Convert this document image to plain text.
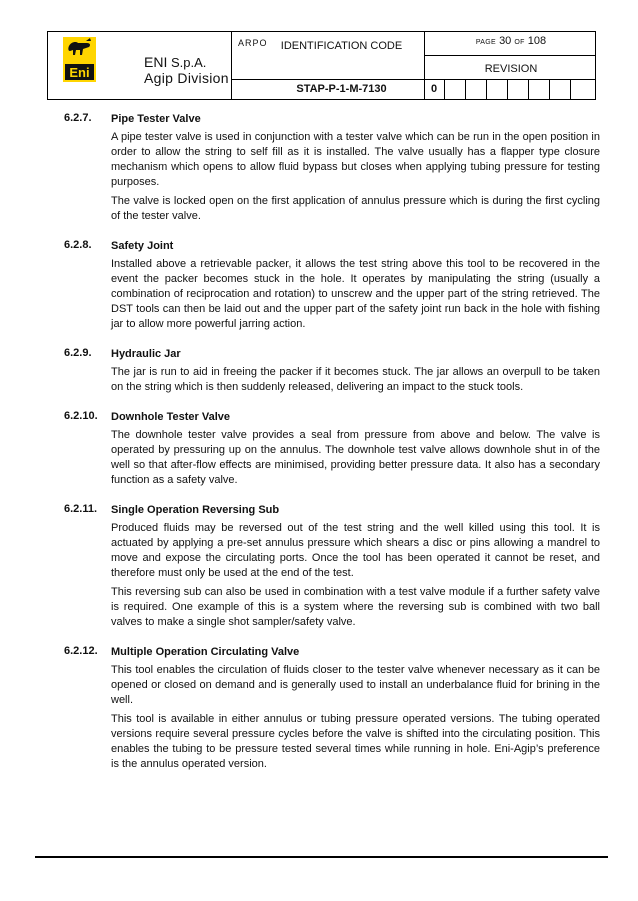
Eni
ARPO
ENI S.p.A.
Agip Division
IDENTIFICATION CODE
STAP-P-1-M-7130
PAGE 30 OF 108
REVISION
0
6.2.7. Pipe Tester Valve

A pipe tester valve is used in conjunction with a tester valve which can be run in the open position in order to allow the string to self fill as it is installed. The valve usually has a flapper type closure mechanism which opens to allow fluid bypass but closes when applying tubing pressure for testing purposes.

The valve is locked open on the first application of annulus pressure which is during the first cycling of the tester valve.

6.2.8. Safety Joint

Installed above a retrievable packer, it allows the test string above this tool to be recovered in the event the packer becomes stuck in the hole. It operates by manipulating the string (usually a combination of reciprocation and rotation) to unscrew and the upper part of the string retrieved. The DST tools can then be laid out and the upper part of the safety joint run back in the hole with fishing jar to allow more powerful jarring action.

6.2.9. Hydraulic Jar

The jar is run to aid in freeing the packer if it becomes stuck. The jar allows an overpull to be taken on the string which is then suddenly released, delivering an impact to the stuck tools.

6.2.10. Downhole Tester Valve

The downhole tester valve provides a seal from pressure from above and below. The valve is operated by pressuring up on the annulus. The downhole test valve allows downhole shut in of the well so that after-flow effects are minimised, providing better pressure data. It also has a secondary function as a safety valve.

6.2.11. Single Operation Reversing Sub

Produced fluids may be reversed out of the test string and the well killed using this tool. It is actuated by applying a pre-set annulus pressure which shears a disc or pins allowing a mandrel to move and expose the circulating ports. Once the tool has been operated it cannot be reset, and therefore must only be used at the end of the test.

This reversing sub can also be used in combination with a test valve module if a further safety valve is required. One example of this is a system where the reversing sub is combined with two ball valves to make a single shot sampler/safety valve.

6.2.12. Multiple Operation Circulating Valve

This tool enables the circulation of fluids closer to the tester valve whenever necessary as it can be opened or closed on demand and is generally used to install an underbalance fluid for brining in the well.

This tool is available in either annulus or tubing pressure operated versions. The tubing operated versions require several pressure cycles before the valve is shifted into the circulating position. This enables the tubing to be pressure tested several times while running in hole. Eni-Agip’s preference is the annulus operated version.
